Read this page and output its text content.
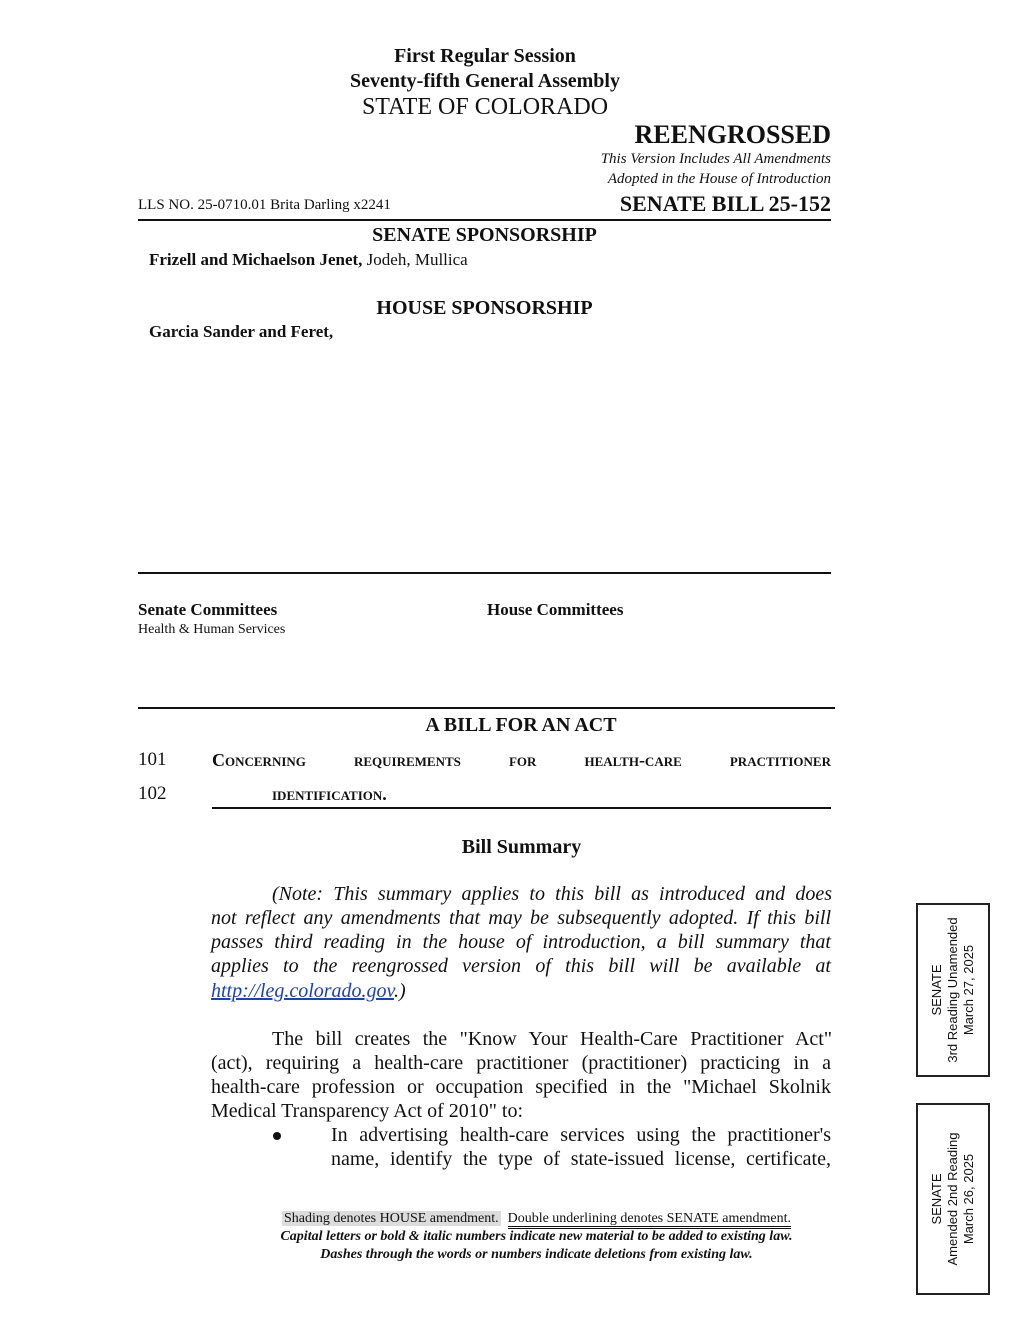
First Regular Session
Seventy-fifth General Assembly
STATE OF COLORADO
REENGROSSED
This Version Includes All Amendments
Adopted in the House of Introduction
LLS NO. 25-0710.01 Brita Darling x2241	SENATE BILL 25-152
SENATE SPONSORSHIP
Frizell and Michaelson Jenet, Jodeh, Mullica
HOUSE SPONSORSHIP
Garcia Sander and Feret,
Senate Committees
Health & Human Services
House Committees
A BILL FOR AN ACT
101	Concerning requirements for health-care practitioner
102	identification.
Bill Summary
(Note: This summary applies to this bill as introduced and does
not reflect any amendments that may be subsequently adopted. If this bill
passes third reading in the house of introduction, a bill summary that
applies to the reengrossed version of this bill will be available at
http://leg.colorado.gov.)
The bill creates the "Know Your Health-Care Practitioner Act"
(act), requiring a health-care practitioner (practitioner) practicing in a
health-care profession or occupation specified in the "Michael Skolnik
Medical Transparency Act of 2010" to:
In advertising health-care services using the practitioner's
name, identify the type of state-issued license, certificate,
SENATE 3rd Reading Unamended March 27, 2025
SENATE Amended 2nd Reading March 26, 2025
Shading denotes HOUSE amendment. Double underlining denotes SENATE amendment.
Capital letters or bold & italic numbers indicate new material to be added to existing law.
Dashes through the words or numbers indicate deletions from existing law.
